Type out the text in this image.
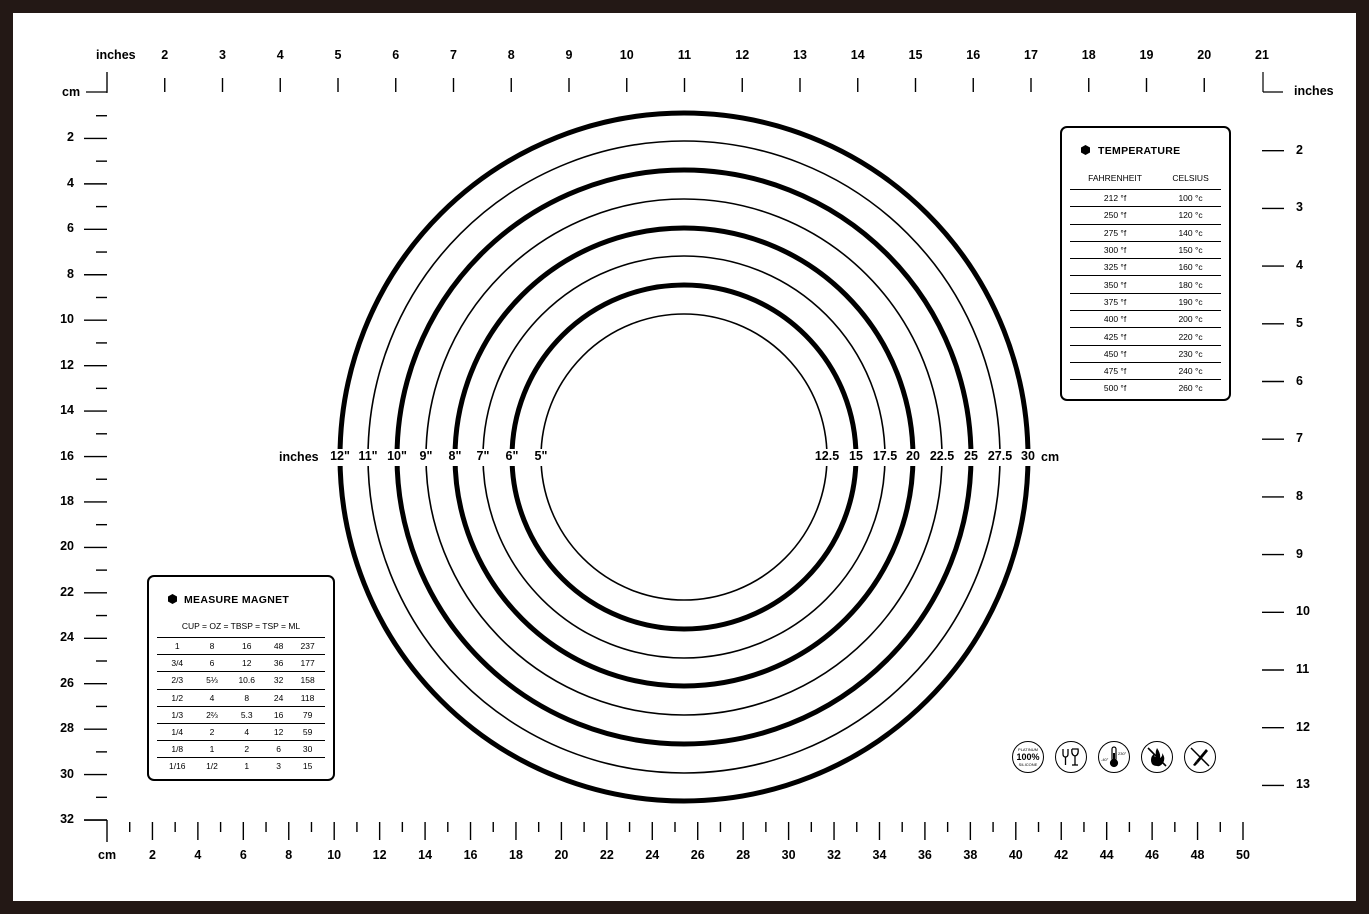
inches
inches
cm
cm
2	3	4	5	6	7	8	9	10	11	12	13	14	15	16	17	18	19	20	21
2
3
4
5
6
7
8
9
10
11
12
13
2
4
6
8
10
12
14
16
18
20
22
24
26
28
30
32
2	4	6	8	10	12	14	16	18	20	22	24	26	28	30	32	34	36	38	40	42	44	46	48	50
inches	cm
12" 11" 10" 9" 8" 7" 6" 5"	12.5 15 17.5 20 22.5 25 27.5 30
TEMPERATURE
FAHRENHEIT	CELSIUS
212 °f	100 °c
250 °f	120 °c
275 °f	140 °c
300 °f	150 °c
325 °f	160 °c
350 °f	180 °c
375 °f	190 °c
400 °f	200 °c
425 °f	220 °c
450 °f	230 °c
475 °f	240 °c
500 °f	260 °c
MEASURE MAGNET
CUP = OZ = TBSP = TSP = ML				
1	8	16	48	237
3/4	6	12	36	177
2/3	5⅓	10.6	32	158
1/2	4	8	24	118
1/3	2⅔	5.3	16	79
1/4	2	4	12	59
1/8	1	2	6	30
1/16	1/2	1	3	15
PLATINUM
100%
SILICONE
-40°
230°
